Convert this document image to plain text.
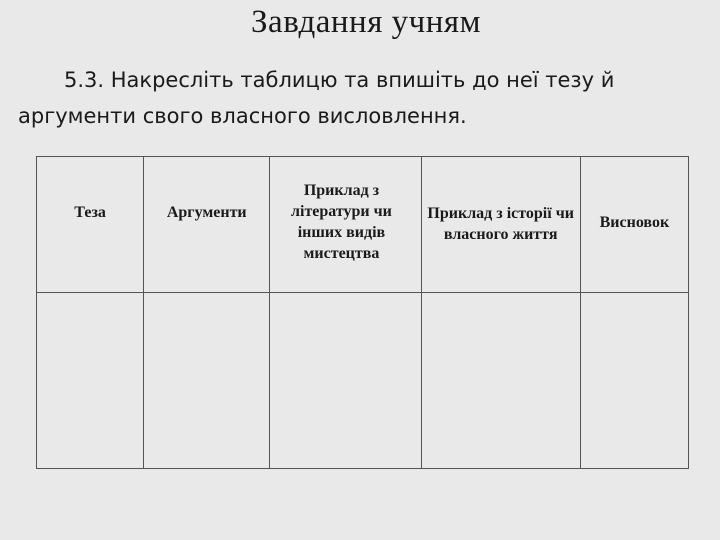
Завдання учням

5.3. Накресліть таблицю та впишіть до неї тезу й аргументи свого власного висловлення.

Теза	Аргументи	Приклад з літератури чи інших видів мистецтва	Приклад з історії чи власного життя	Висновок
